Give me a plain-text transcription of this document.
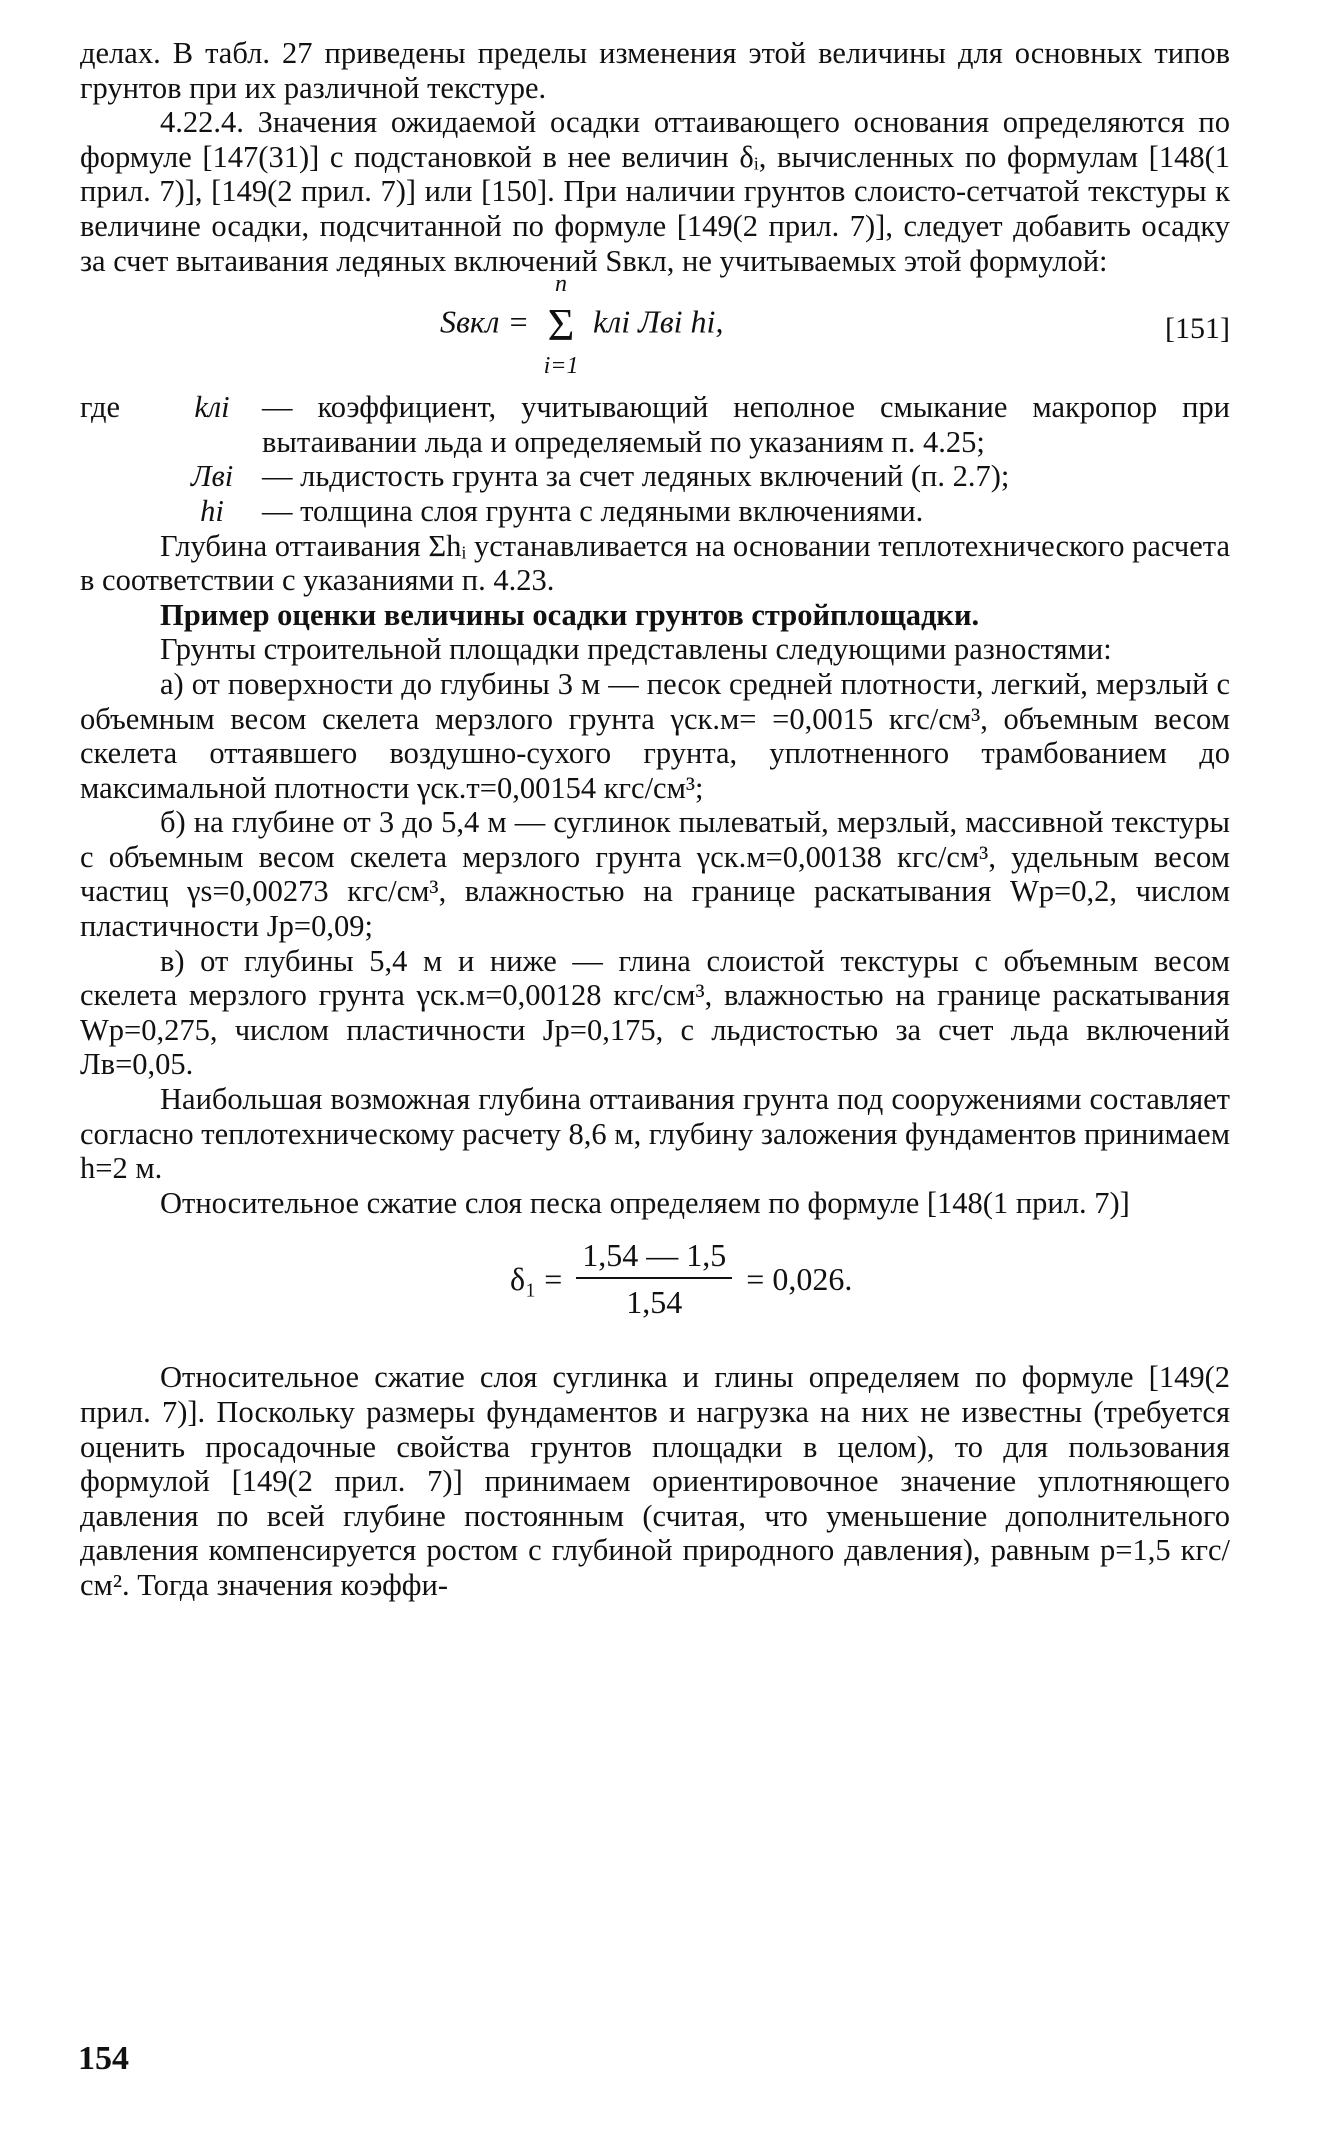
делах. В табл. 27 приведены пределы изменения этой величины для основных типов грунтов при их различной текстуре.

4.22.4. Значения ожидаемой осадки оттаивающего основания определяются по формуле [147(31)] с подстановкой в нее величин δᵢ, вычисленных по формулам [148(1 прил. 7)], [149(2 прил. 7)] или [150]. При наличии грунтов слоисто-сетчатой текстуры к величине осадки, подсчитанной по формуле [149(2 прил. 7)], следует добавить осадку за счет вытаивания ледяных включений Sвкл, не учитываемых этой формулой:

Sвкл = Σ
n
i=1
kлi Лвi hi,	[151]
где	kлi	— коэффициент, учитывающий неполное смыкание макропор при вытаивании льда и определяемый по указаниям п. 4.25;
Лвi — льдистость грунта за счет ледяных включений (п. 2.7);
hi	— толщина слоя грунта с ледяными включениями.

Глубина оттаивания Σhᵢ устанавливается на основании теплотехнического расчета в соответствии с указаниями п. 4.23.

Пример оценки величины осадки грунтов стройплощадки.

Грунты строительной площадки представлены следующими разностями:

а) от поверхности до глубины 3 м — песок средней плотности, легкий, мерзлый с объемным весом скелета мерзлого грунта γск.м= =0,0015 кгс/см³, объемным весом скелета оттаявшего воздушно-сухого грунта, уплотненного трамбованием до максимальной плотности γск.т=0,00154 кгс/см³;

б) на глубине от 3 до 5,4 м — суглинок пылеватый, мерзлый, массивной текстуры с объемным весом скелета мерзлого грунта γск.м=0,00138 кгс/см³, удельным весом частиц γs=0,00273 кгс/см³, влажностью на границе раскатывания Wр=0,2, числом пластичности Jр=0,09;

в) от глубины 5,4 м и ниже — глина слоистой текстуры с объемным весом скелета мерзлого грунта γск.м=0,00128 кгс/см³, влажностью на границе раскатывания Wр=0,275, числом пластичности Jр=0,175, с льдистостью за счет льда включений Лв=0,05.

Наибольшая возможная глубина оттаивания грунта под сооружениями составляет согласно теплотехническому расчету 8,6 м, глубину заложения фундаментов принимаем h=2 м.

Относительное сжатие слоя песка определяем по формуле [148(1 прил. 7)]

$\delta_1 = \frac{1,54 — 1,5}{1,54} = 0,026$.

Относительное сжатие слоя суглинка и глины определяем по формуле [149(2 прил. 7)]. Поскольку размеры фундаментов и нагрузка на них не известны (требуется оценить просадочные свойства грунтов площадки в целом), то для пользования формулой [149(2 прил. 7)] принимаем ориентировочное значение уплотняющего давления по всей глубине постоянным (считая, что уменьшение дополнительного давления компенсируется ростом с глубиной природного давления), равным p=1,5 кгс/см². Тогда значения коэффи-

154
